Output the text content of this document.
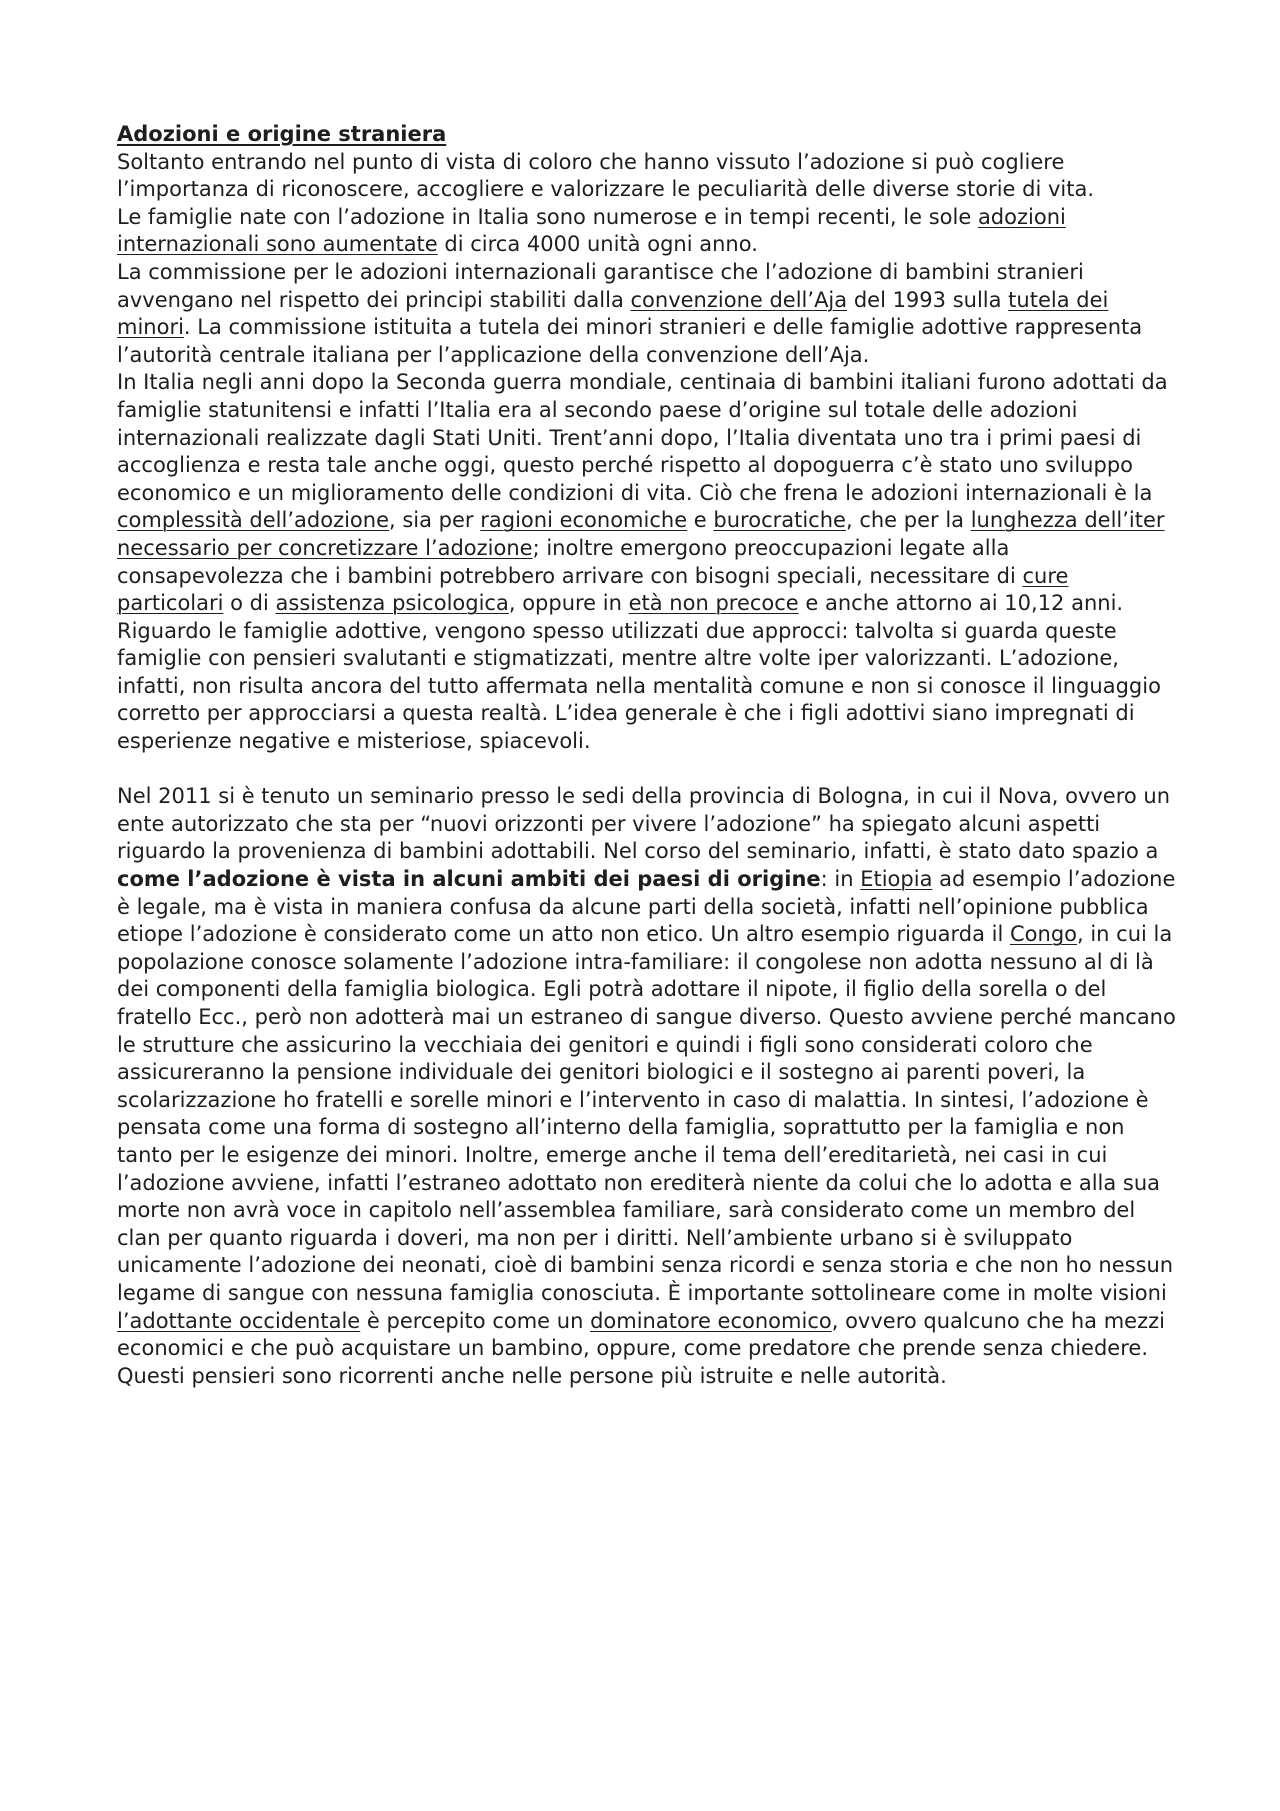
Adozioni e origine straniera

Soltanto entrando nel punto di vista di coloro che hanno vissuto l’adozione si può cogliere l’importanza di riconoscere, accogliere e valorizzare le peculiarità delle diverse storie di vita.

Le famiglie nate con l’adozione in Italia sono numerose e in tempi recenti, le sole adozioni internazionali sono aumentate di circa 4000 unità ogni anno.

La commissione per le adozioni internazionali garantisce che l’adozione di bambini stranieri avvengano nel rispetto dei principi stabiliti dalla convenzione dell’Aja del 1993 sulla tutela dei minori. La commissione istituita a tutela dei minori stranieri e delle famiglie adottive rappresenta l’autorità centrale italiana per l’applicazione della convenzione dell’Aja.

In Italia negli anni dopo la Seconda guerra mondiale, centinaia di bambini italiani furono adottati da famiglie statunitensi e infatti l’Italia era al secondo paese d’origine sul totale delle adozioni internazionali realizzate dagli Stati Uniti. Trent’anni dopo, l’Italia diventata uno tra i primi paesi di accoglienza e resta tale anche oggi, questo perché rispetto al dopoguerra c’è stato uno sviluppo economico e un miglioramento delle condizioni di vita. Ciò che frena le adozioni internazionali è la complessità dell’adozione, sia per ragioni economiche e burocratiche, che per la lunghezza dell’iter necessario per concretizzare l’adozione; inoltre emergono preoccupazioni legate alla consapevolezza che i bambini potrebbero arrivare con bisogni speciali, necessitare di cure particolari o di assistenza psicologica, oppure in età non precoce e anche attorno ai 10,12 anni.

Riguardo le famiglie adottive, vengono spesso utilizzati due approcci: talvolta si guarda queste famiglie con pensieri svalutanti e stigmatizzati, mentre altre volte iper valorizzanti. L’adozione, infatti, non risulta ancora del tutto affermata nella mentalità comune e non si conosce il linguaggio corretto per approcciarsi a questa realtà. L’idea generale è che i figli adottivi siano impregnati di esperienze negative e misteriose, spiacevoli.

Nel 2011 si è tenuto un seminario presso le sedi della provincia di Bologna, in cui il Nova, ovvero un ente autorizzato che sta per “nuovi orizzonti per vivere l’adozione” ha spiegato alcuni aspetti riguardo la provenienza di bambini adottabili. Nel corso del seminario, infatti, è stato dato spazio a come l’adozione è vista in alcuni ambiti dei paesi di origine: in Etiopia ad esempio l’adozione è legale, ma è vista in maniera confusa da alcune parti della società, infatti nell’opinione pubblica etiope l’adozione è considerato come un atto non etico. Un altro esempio riguarda il Congo, in cui la popolazione conosce solamente l’adozione intra-familiare: il congolese non adotta nessuno al di là dei componenti della famiglia biologica. Egli potrà adottare il nipote, il figlio della sorella o del fratello Ecc., però non adotterà mai un estraneo di sangue diverso. Questo avviene perché mancano le strutture che assicurino la vecchiaia dei genitori e quindi i figli sono considerati coloro che assicureranno la pensione individuale dei genitori biologici e il sostegno ai parenti poveri, la scolarizzazione ho fratelli e sorelle minori e l’intervento in caso di malattia. In sintesi, l’adozione è pensata come una forma di sostegno all’interno della famiglia, soprattutto per la famiglia e non tanto per le esigenze dei minori. Inoltre, emerge anche il tema dell’ereditarietà, nei casi in cui l’adozione avviene, infatti l’estraneo adottato non erediterà niente da colui che lo adotta e alla sua morte non avrà voce in capitolo nell’assemblea familiare, sarà considerato come un membro del clan per quanto riguarda i doveri, ma non per i diritti. Nell’ambiente urbano si è sviluppato unicamente l’adozione dei neonati, cioè di bambini senza ricordi e senza storia e che non ho nessun legame di sangue con nessuna famiglia conosciuta. È importante sottolineare come in molte visioni l’adottante occidentale è percepito come un dominatore economico, ovvero qualcuno che ha mezzi economici e che può acquistare un bambino, oppure, come predatore che prende senza chiedere. Questi pensieri sono ricorrenti anche nelle persone più istruite e nelle autorità.
